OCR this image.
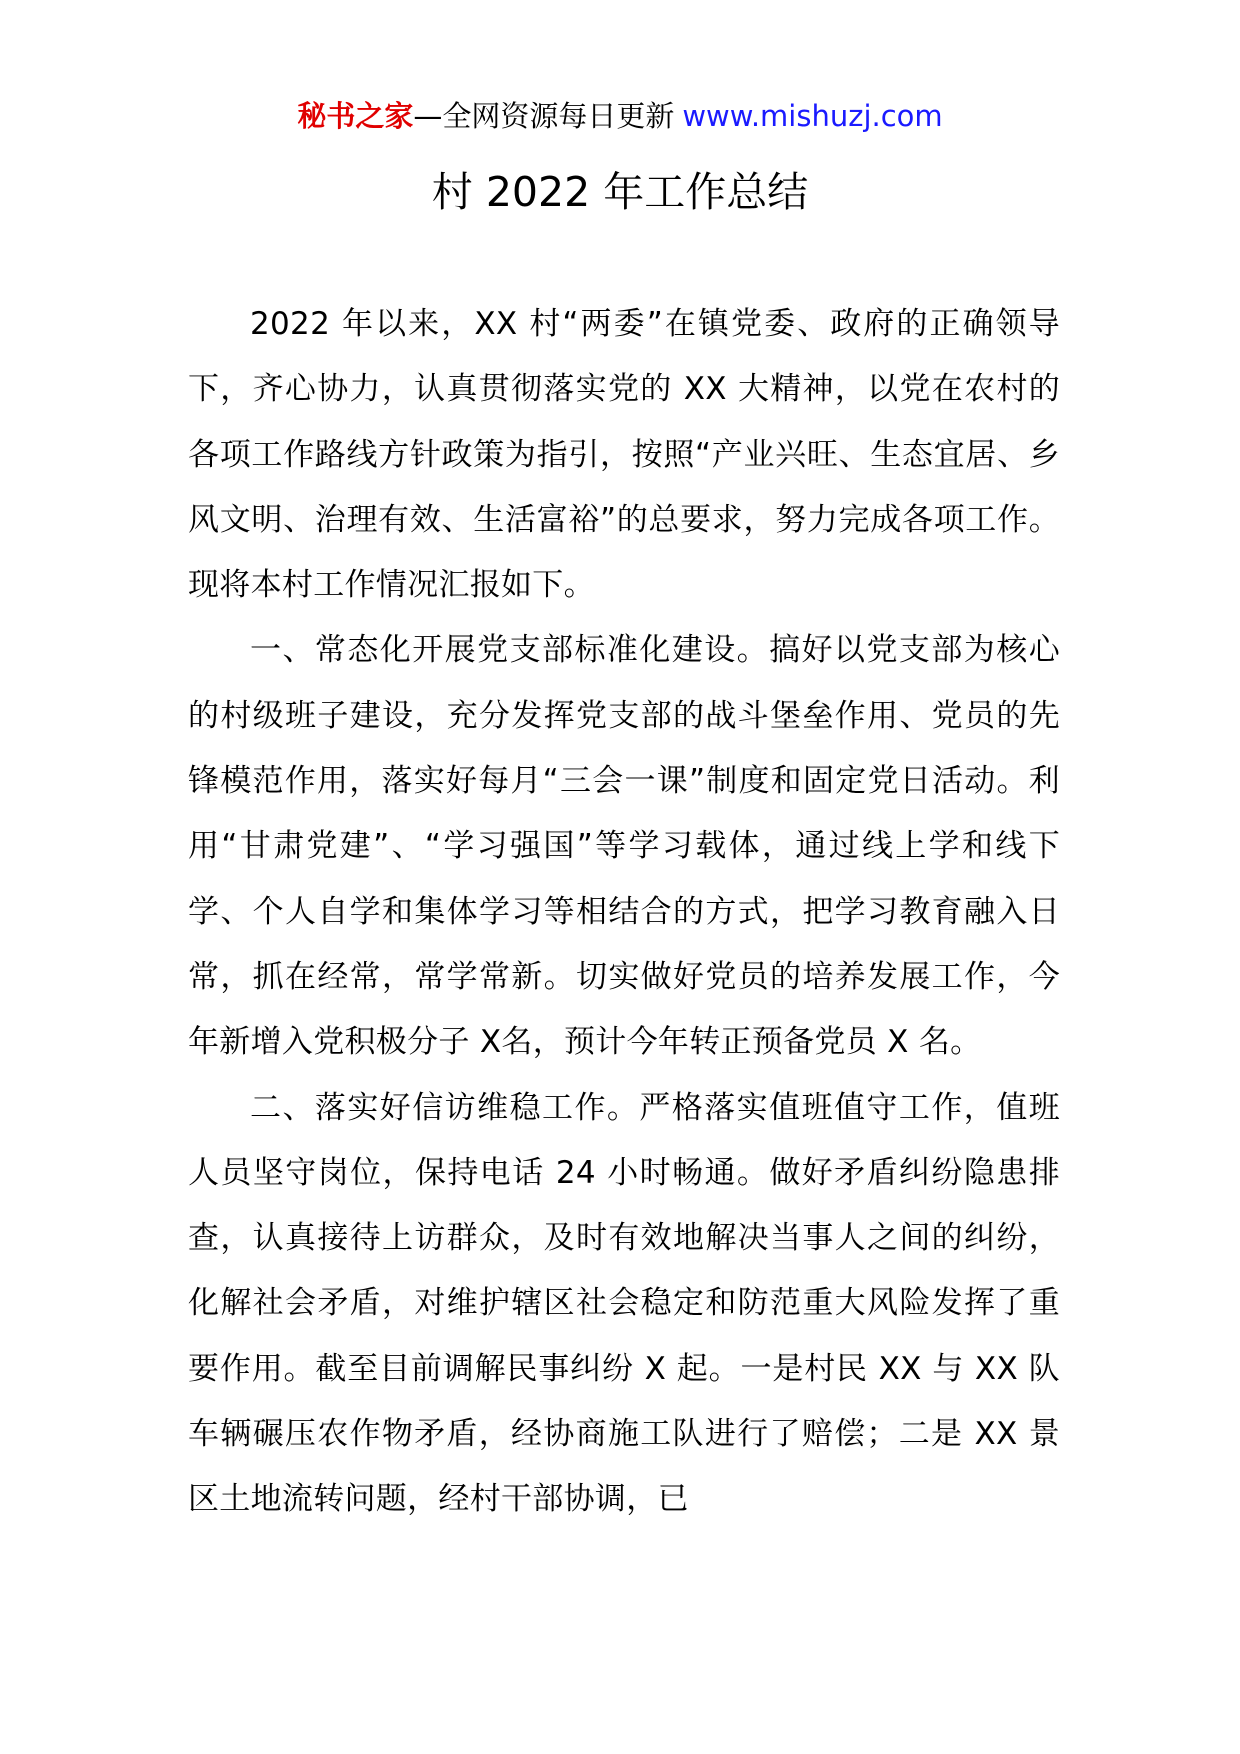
秘书之家—全网资源每日更新 www.mishuzj.com
村 2022 年工作总结

2022 年以来，XX 村“两委”在镇党委、政府的正确领导下，齐心协力，认真贯彻落实党的 XX 大精神，以党在农村的各项工作路线方针政策为指引，按照“产业兴旺、生态宜居、乡风文明、治理有效、生活富裕”的总要求，努力完成各项工作。现将本村工作情况汇报如下。

一、常态化开展党支部标准化建设。搞好以党支部为核心的村级班子建设，充分发挥党支部的战斗堡垒作用、党员的先锋模范作用，落实好每月“三会一课”制度和固定党日活动。利用“甘肃党建”、“学习强国”等学习载体，通过线上学和线下学、个人自学和集体学习等相结合的方式，把学习教育融入日常，抓在经常，常学常新。切实做好党员的培养发展工作，今年新增入党积极分子 X名，预计今年转正预备党员 X 名。

二、落实好信访维稳工作。严格落实值班值守工作，值班人员坚守岗位，保持电话 24 小时畅通。做好矛盾纠纷隐患排查，认真接待上访群众，及时有效地解决当事人之间的纠纷，化解社会矛盾，对维护辖区社会稳定和防范重大风险发挥了重要作用。截至目前调解民事纠纷 X 起。一是村民 XX 与 XX 队车辆碾压农作物矛盾，经协商施工队进行了赔偿；二是 XX 景区土地流转问题，经村干部协调，已
